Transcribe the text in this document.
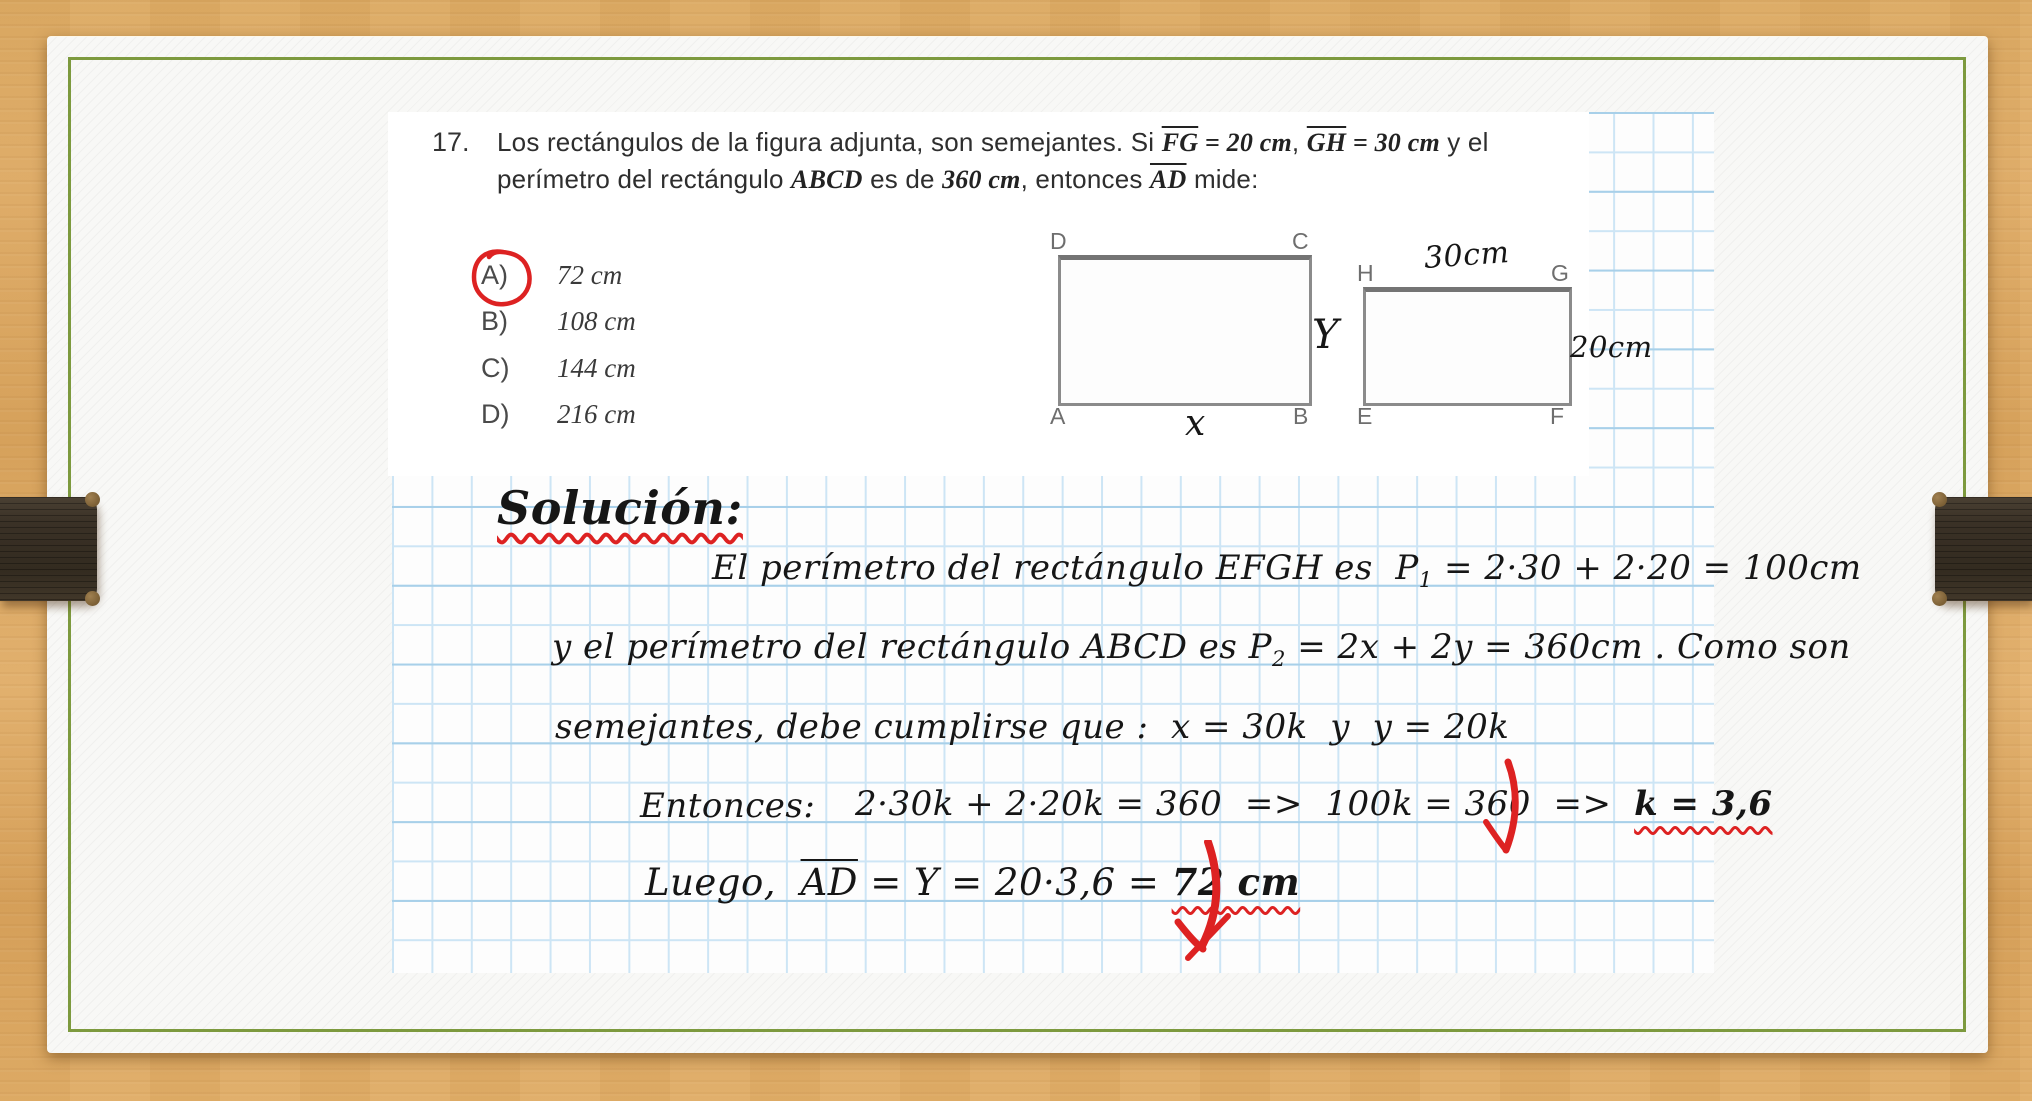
17. Los rectángulos de la figura adjunta, son semejantes. Si $\overline{FG} = 20$ cm, $\overline{GH} = 30$ cm y el
perímetro del rectángulo ABCD es de 360 cm, entonces $\overline{AD}$ mide:
A) 72 cm
B) 108 cm
C) 144 cm
D) 216 cm
D	C
A	B
x
Y
H	G
E	F
30cm
20cm
Solución:
El perímetro del rectángulo EFGH es  $P_1 = 2\cdot 30 + 2\cdot 20 = 100cm$
y el perímetro del rectángulo ABCD es $P_2 = 2x + 2y = 360cm$ . Como son
semejantes, debe cumplirse que :  x = 30k  y  y = 20k
Entonces: 2·30k + 2·20k = 360  =>  100k = 360  =>  k = 3,6
Luego,  $\overline{AD} = Y = 20\cdot 3,6 = 72$ cm
